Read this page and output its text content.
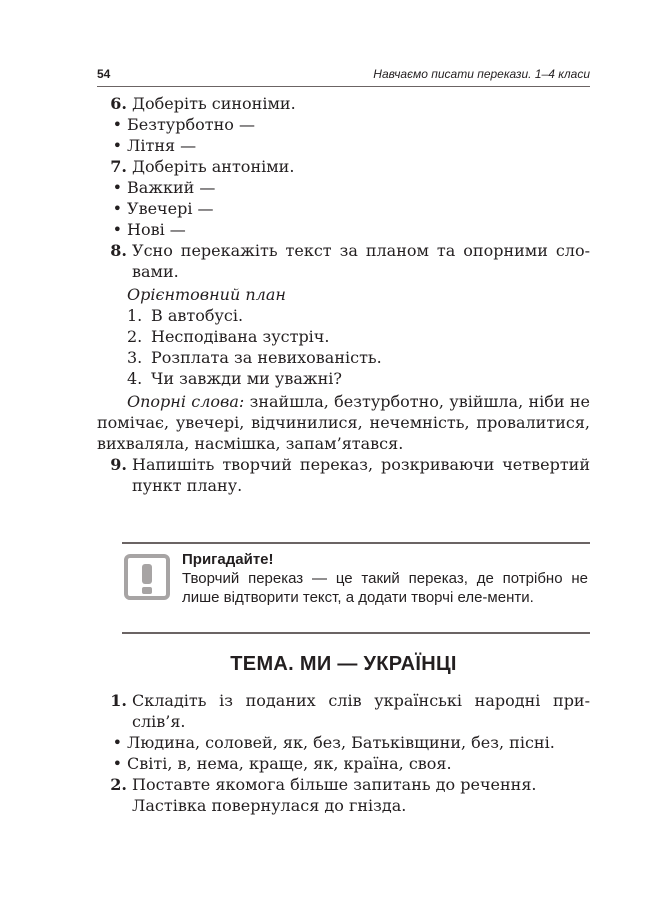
54	Навчаємо писати перекази. 1–4 класи
6. Доберіть синоніми.
• Безтурботно —
• Літня —
7. Доберіть антоніми.
• Важкий —
• Увечері —
• Нові —
8. Усно перекажіть текст за планом та опорними сло-вами.
Орієнтовний план
1. В автобусі.
2. Несподівана зустріч.
3. Розплата за невихованість.
4. Чи завжди ми уважні?
Опорні слова: знайшла, безтурботно, увійшла, ніби не помічає, увечері, відчинилися, нечемність, провалитися, вихваляла, насмішка, запам’ятався.
9. Напишіть творчий переказ, розкриваючи четвертий пункт плану.
Пригадайте!
Творчий переказ — це такий переказ, де потрібно не лише відтворити текст, а додати творчі еле-менти.
ТЕМА. МИ — УКРАЇНЦІ
1. Складіть із поданих слів українські народні при-слів’я.
• Людина, соловей, як, без, Батьківщини, без, пісні.
• Світі, в, нема, краще, як, країна, своя.
2. Поставте якомога більше запитань до речення.
Ластівка повернулася до гнізда.
